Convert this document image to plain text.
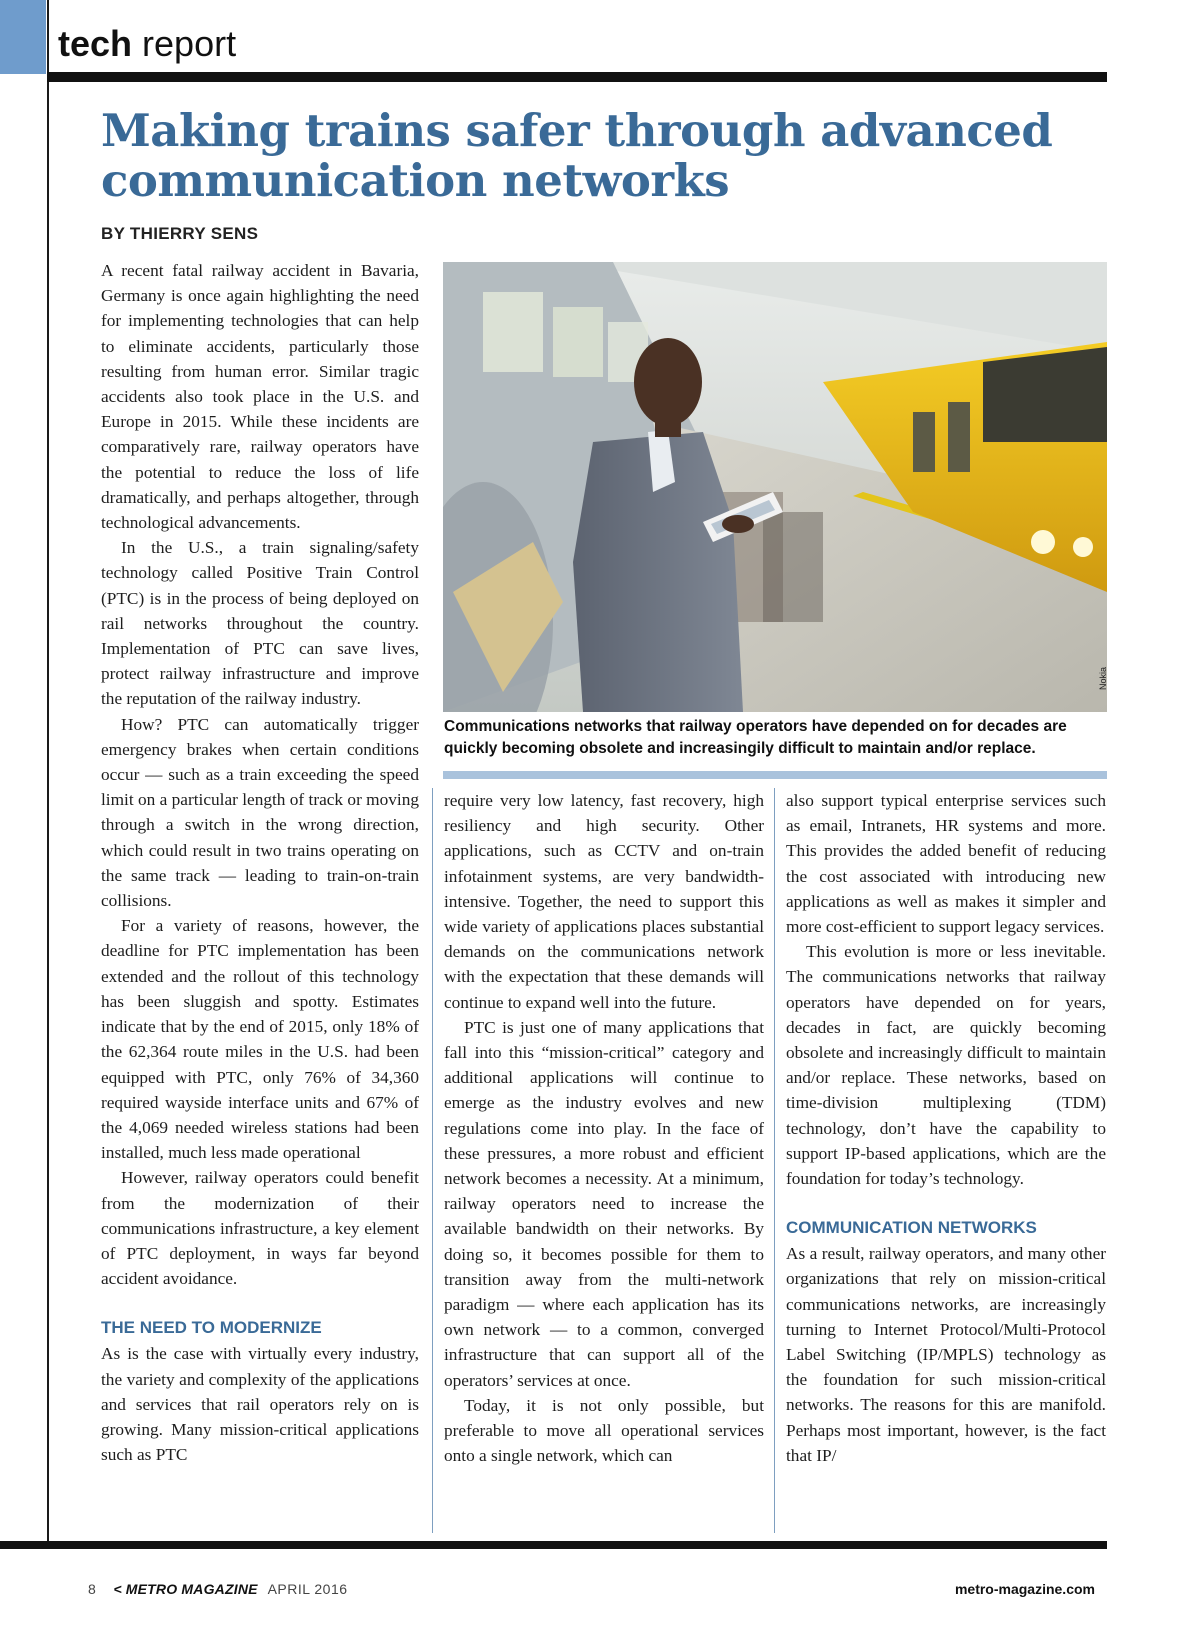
tech report
Making trains safer through advanced communication networks
BY THIERRY SENS

A recent fatal railway accident in Bavaria, Germany is once again highlighting the need for implementing technologies that can help to eliminate accidents, particularly those resulting from human error. Similar tragic accidents also took place in the U.S. and Europe in 2015. While these incidents are comparatively rare, railway operators have the potential to reduce the loss of life dramatically, and perhaps altogether, through technological advancements.

In the U.S., a train signaling/safety technology called Positive Train Control (PTC) is in the process of being deployed on rail networks throughout the country. Implementation of PTC can save lives, protect railway infrastructure and improve the reputation of the railway industry.

How? PTC can automatically trigger emergency brakes when certain conditions occur — such as a train exceeding the speed limit on a particular length of track or moving through a switch in the wrong direction, which could result in two trains operating on the same track — leading to train-on-train collisions.

For a variety of reasons, however, the deadline for PTC implementation has been extended and the rollout of this technology has been sluggish and spotty. Estimates indicate that by the end of 2015, only 18% of the 62,364 route miles in the U.S. had been equipped with PTC, only 76% of 34,360 required wayside interface units and 67% of the 4,069 needed wireless stations had been installed, much less made operational

However, railway operators could benefit from the modernization of their communications infrastructure, a key element of PTC deployment, in ways far beyond accident avoidance.

THE NEED TO MODERNIZE

As is the case with virtually every industry, the variety and complexity of the applications and services that rail operators rely on is growing. Many mission-critical applications such as PTC

Nokia
Communications networks that railway operators have depended on for decades are quickly becoming obsolete and increasingily difficult to maintain and/or replace.

require very low latency, fast recovery, high resiliency and high security. Other applications, such as CCTV and on-train infotainment systems, are very bandwidth-intensive. Together, the need to support this wide variety of applications places substantial demands on the communications network with the expectation that these demands will continue to expand well into the future.

PTC is just one of many applications that fall into this “mission-critical” category and additional applications will continue to emerge as the industry evolves and new regulations come into play. In the face of these pressures, a more robust and efficient network becomes a necessity. At a minimum, railway operators need to increase the available bandwidth on their networks. By doing so, it becomes possible for them to transition away from the multi-network paradigm — where each application has its own network — to a common, converged infrastructure that can support all of the operators’ services at once.

Today, it is not only possible, but preferable to move all operational services onto a single network, which can

also support typical enterprise services such as email, Intranets, HR systems and more. This provides the added benefit of reducing the cost associated with introducing new applications as well as makes it simpler and more cost-efficient to support legacy services.

This evolution is more or less inevitable. The communications networks that railway operators have depended on for years, decades in fact, are quickly becoming obsolete and increasingly difficult to maintain and/or replace. These networks, based on time-division multiplexing (TDM) technology, don’t have the capability to support IP-based applications, which are the foundation for today’s technology.

COMMUNICATION NETWORKS

As a result, railway operators, and many other organizations that rely on mission-critical communications networks, are increasingly turning to Internet Protocol/Multi-Protocol Label Switching (IP/MPLS) technology as the foundation for such mission-critical networks. The reasons for this are manifold. Perhaps most important, however, is the fact that IP/

8 < METRO MAGAZINE APRIL 2016	metro-magazine.com
